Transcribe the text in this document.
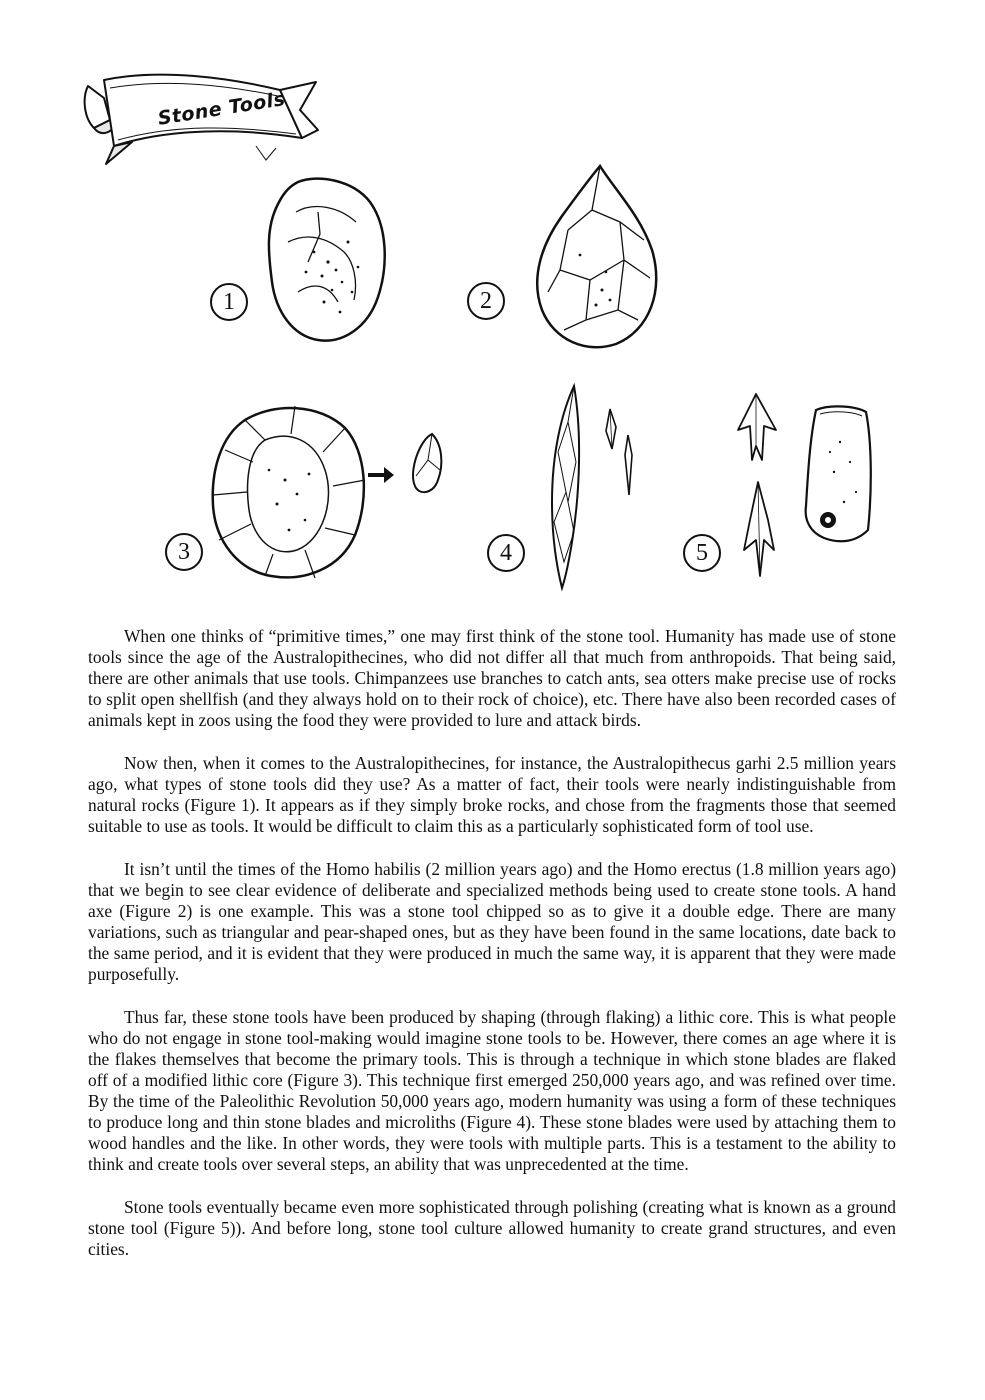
Stone Tools
1	2
3	4	5

When one thinks of “primitive times,” one may first think of the stone tool. Humanity has made use of stone tools since the age of the Australopithecines, who did not differ all that much from anthropoids. That being said, there are other animals that use tools. Chimpanzees use branches to catch ants, sea otters make precise use of rocks to split open shellfish (and they always hold on to their rock of choice), etc. There have also been recorded cases of animals kept in zoos using the food they were provided to lure and attack birds.

Now then, when it comes to the Australopithecines, for instance, the Australopithecus garhi 2.5 million years ago, what types of stone tools did they use? As a matter of fact, their tools were nearly indistinguishable from natural rocks (Figure 1). It appears as if they simply broke rocks, and chose from the fragments those that seemed suitable to use as tools. It would be difficult to claim this as a particularly sophisticated form of tool use.

It isn’t until the times of the Homo habilis (2 million years ago) and the Homo erectus (1.8 million years ago) that we begin to see clear evidence of deliberate and specialized methods being used to create stone tools. A hand axe (Figure 2) is one example. This was a stone tool chipped so as to give it a double edge. There are many variations, such as triangular and pear-shaped ones, but as they have been found in the same locations, date back to the same period, and it is evident that they were produced in much the same way, it is apparent that they were made purposefully.

Thus far, these stone tools have been produced by shaping (through flaking) a lithic core. This is what people who do not engage in stone tool-making would imagine stone tools to be. However, there comes an age where it is the flakes themselves that become the primary tools. This is through a technique in which stone blades are flaked off of a modified lithic core (Figure 3). This technique first emerged 250,000 years ago, and was refined over time. By the time of the Paleolithic Revolution 50,000 years ago, modern humanity was using a form of these techniques to produce long and thin stone blades and microliths (Figure 4). These stone blades were used by attaching them to wood handles and the like. In other words, they were tools with multiple parts. This is a testament to the ability to think and create tools over several steps, an ability that was unprecedented at the time.

Stone tools eventually became even more sophisticated through polishing (creating what is known as a ground stone tool (Figure 5)). And before long, stone tool culture allowed humanity to create grand structures, and even cities.
